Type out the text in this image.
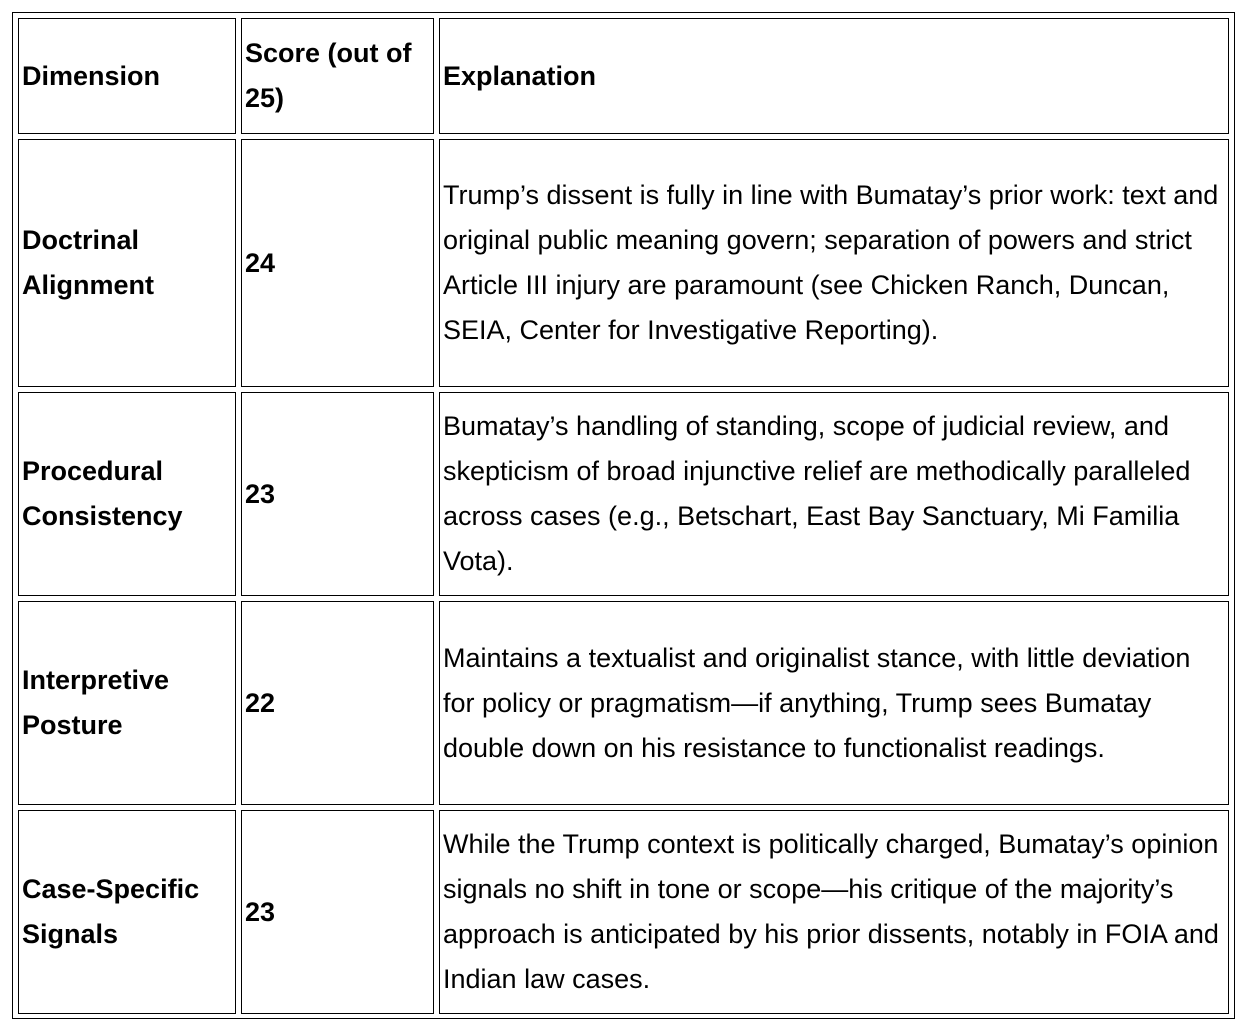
Dimension	Score (out of 25)	Explanation
Doctrinal Alignment	24	Trump’s dissent is fully in line with Bumatay’s prior work: text and original public meaning govern; separation of powers and strict Article III injury are paramount (see Chicken Ranch, Duncan, SEIA, Center for Investigative Reporting).
Procedural Consistency	23	Bumatay’s handling of standing, scope of judicial review, and skepticism of broad injunctive relief are methodically paralleled across cases (e.g., Betschart, East Bay Sanctuary, Mi Familia Vota).
Interpretive Posture	22	Maintains a textualist and originalist stance, with little deviation for policy or pragmatism—if anything, Trump sees Bumatay double down on his resistance to functionalist readings.
Case-Specific Signals	23	While the Trump context is politically charged, Bumatay’s opinion signals no shift in tone or scope—his critique of the majority’s approach is anticipated by his prior dissents, notably in FOIA and Indian law cases.
